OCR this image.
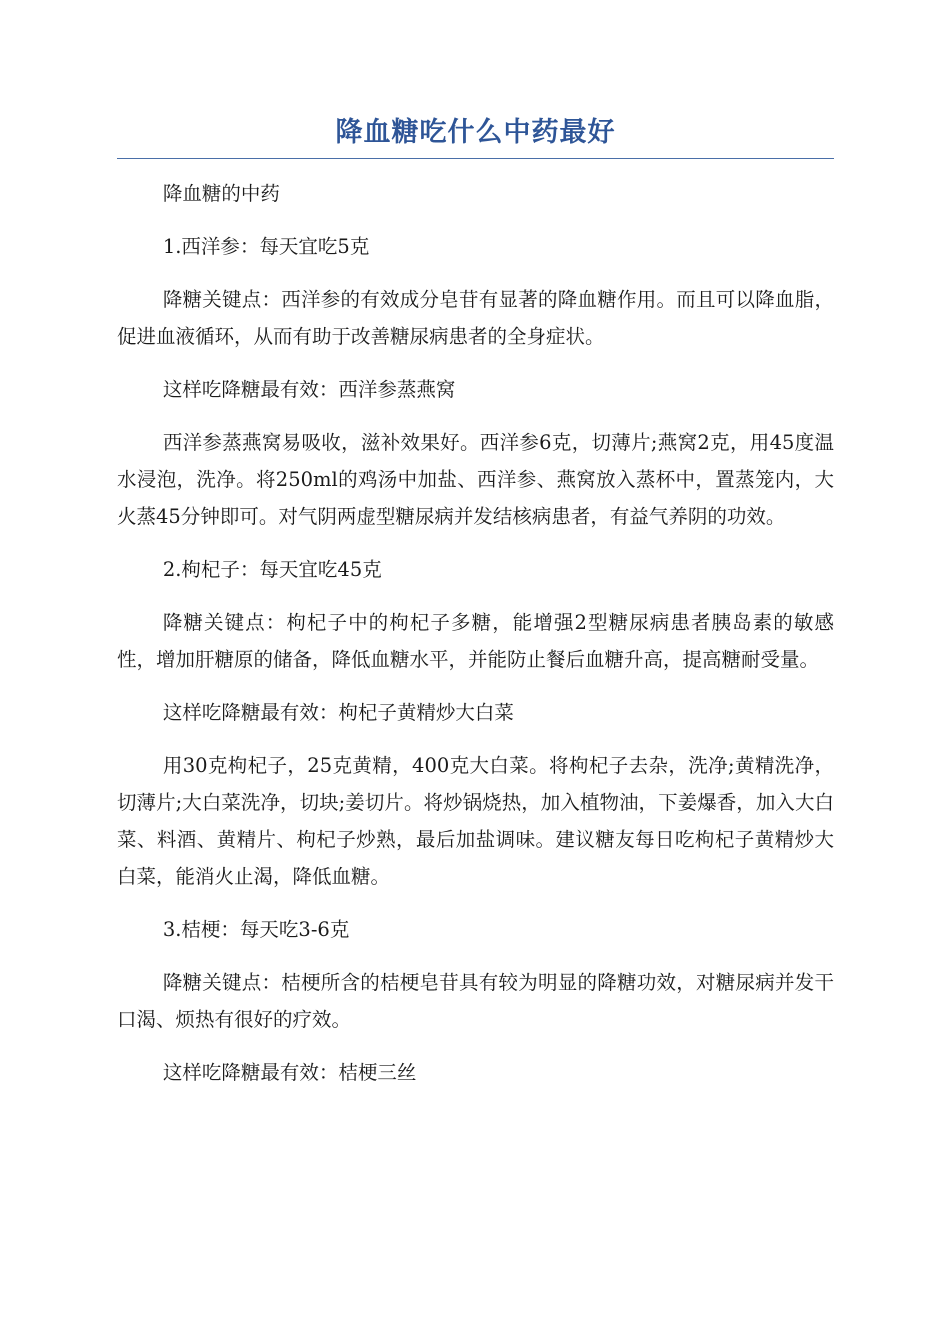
降血糖吃什么中药最好

降血糖的中药

1.西洋参：每天宜吃5克

降糖关键点：西洋参的有效成分皂苷有显著的降血糖作用。而且可以降血脂，促进血液循环，从而有助于改善糖尿病患者的全身症状。

这样吃降糖最有效：西洋参蒸燕窝

西洋参蒸燕窝易吸收，滋补效果好。西洋参6克，切薄片;燕窝2克，用45度温水浸泡，洗净。将250ml的鸡汤中加盐、西洋参、燕窝放入蒸杯中，置蒸笼内，大火蒸45分钟即可。对气阴两虚型糖尿病并发结核病患者，有益气养阴的功效。

2.枸杞子：每天宜吃45克

降糖关键点：枸杞子中的枸杞子多糖，能增强2型糖尿病患者胰岛素的敏感性，增加肝糖原的储备，降低血糖水平，并能防止餐后血糖升高，提高糖耐受量。

这样吃降糖最有效：枸杞子黄精炒大白菜

用30克枸杞子，25克黄精，400克大白菜。将枸杞子去杂，洗净;黄精洗净，切薄片;大白菜洗净，切块;姜切片。将炒锅烧热，加入植物油，下姜爆香，加入大白菜、料酒、黄精片、枸杞子炒熟，最后加盐调味。建议糖友每日吃枸杞子黄精炒大白菜，能消火止渴，降低血糖。

3.桔梗：每天吃3-6克

降糖关键点：桔梗所含的桔梗皂苷具有较为明显的降糖功效，对糖尿病并发干口渴、烦热有很好的疗效。

这样吃降糖最有效：桔梗三丝
